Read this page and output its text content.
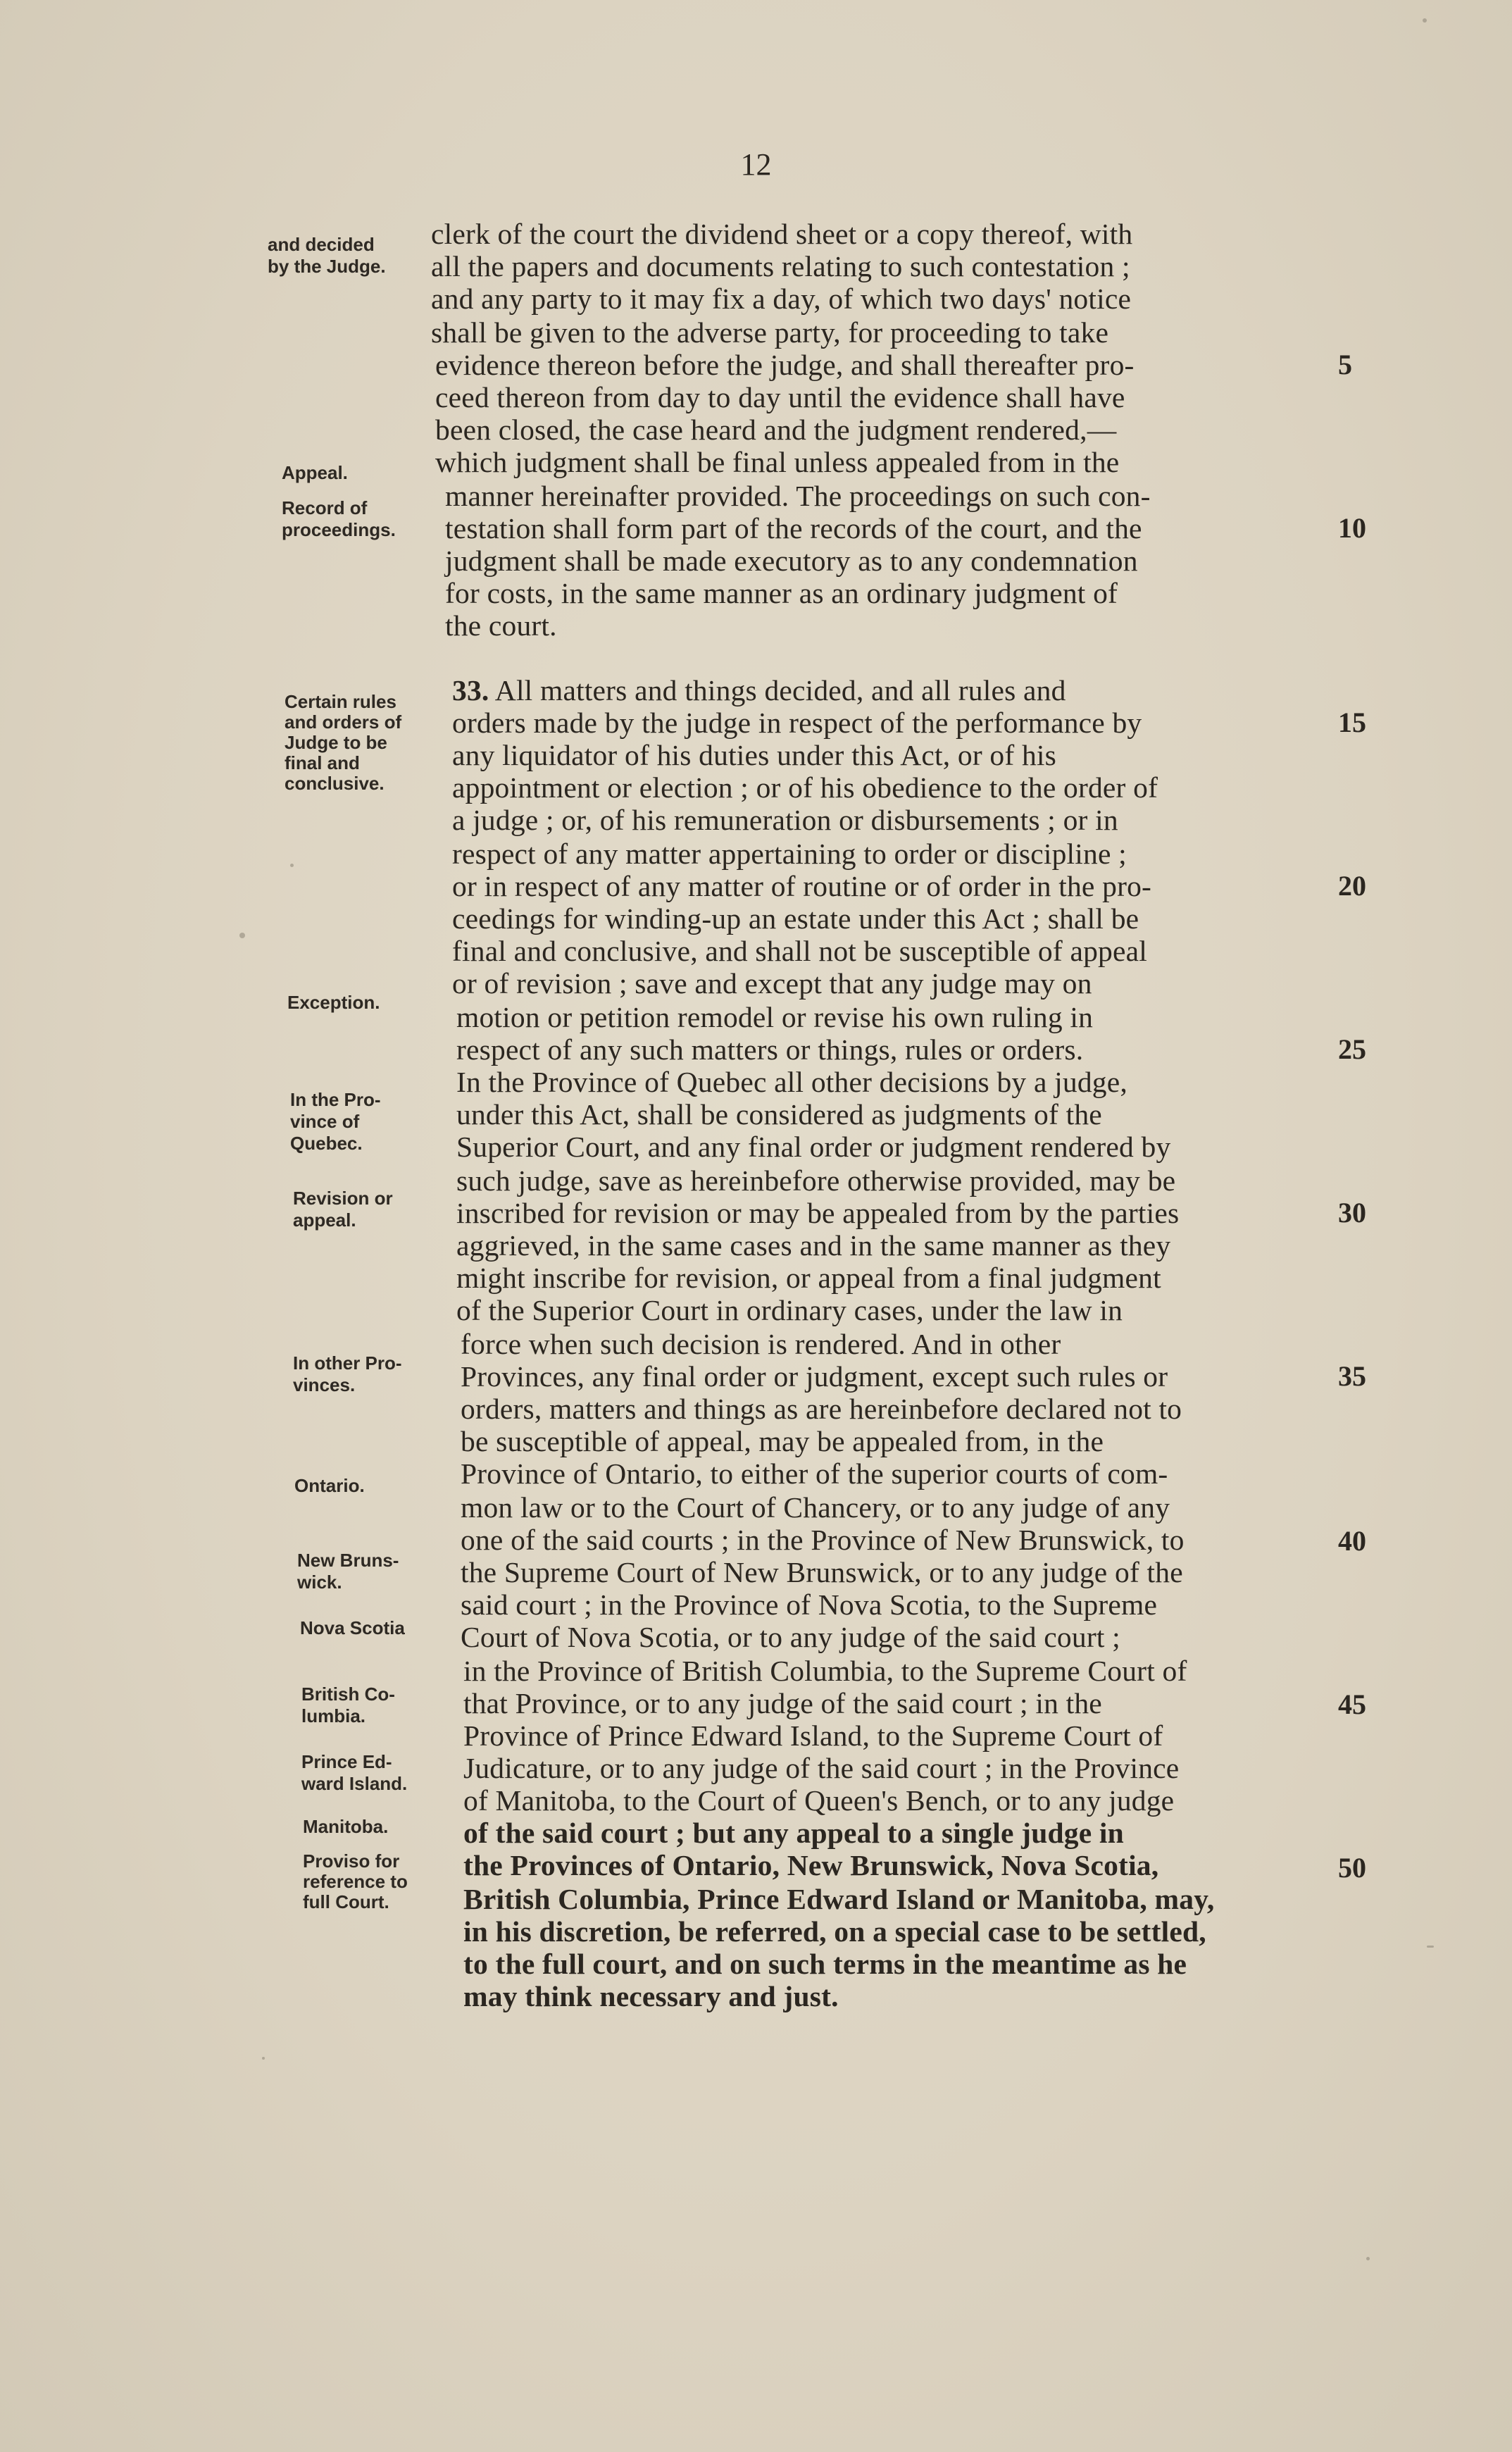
12
clerk of the court the dividend sheet or a copy thereof, with
all the papers and documents relating to such contestation ;
and any party to it may fix a day, of which two days' notice
shall be given to the adverse party, for proceeding to take
evidence thereon before the judge, and shall thereafter pro-
ceed thereon from day to day until the evidence shall have
been closed, the case heard and the judgment rendered,—
which judgment shall be final unless appealed from in the
manner hereinafter provided. The proceedings on such con-
testation shall form part of the records of the court, and the
judgment shall be made executory as to any condemnation
for costs, in the same manner as an ordinary judgment of
the court.
33. All matters and things decided, and all rules and
orders made by the judge in respect of the performance by
any liquidator of his duties under this Act, or of his
appointment or election ; or of his obedience to the order of
a judge ; or, of his remuneration or disbursements ; or in
respect of any matter appertaining to order or discipline ;
or in respect of any matter of routine or of order in the pro-
ceedings for winding-up an estate under this Act ; shall be
final and conclusive, and shall not be susceptible of appeal
or of revision ; save and except that any judge may on
motion or petition remodel or revise his own ruling in
respect of any such matters or things, rules or orders.
In the Province of Quebec all other decisions by a judge,
under this Act, shall be considered as judgments of the
Superior Court, and any final order or judgment rendered by
such judge, save as hereinbefore otherwise provided, may be
inscribed for revision or may be appealed from by the parties
aggrieved, in the same cases and in the same manner as they
might inscribe for revision, or appeal from a final judgment
of the Superior Court in ordinary cases, under the law in
force when such decision is rendered. And in other
Provinces, any final order or judgment, except such rules or
orders, matters and things as are hereinbefore declared not to
be susceptible of appeal, may be appealed from, in the
Province of Ontario, to either of the superior courts of com-
mon law or to the Court of Chancery, or to any judge of any
one of the said courts ; in the Province of New Brunswick, to
the Supreme Court of New Brunswick, or to any judge of the
said court ; in the Province of Nova Scotia, to the Supreme
Court of Nova Scotia, or to any judge of the said court ;
in the Province of British Columbia, to the Supreme Court of
that Province, or to any judge of the said court ; in the
Province of Prince Edward Island, to the Supreme Court of
Judicature, or to any judge of the said court ; in the Province
of Manitoba, to the Court of Queen's Bench, or to any judge
of the said court ; but any appeal to a single judge in
the Provinces of Ontario, New Brunswick, Nova Scotia,
British Columbia, Prince Edward Island or Manitoba, may,
in his discretion, be referred, on a special case to be settled,
to the full court, and on such terms in the meantime as he
may think necessary and just.
and decided
by the Judge.
Appeal.
Record of
proceedings.
Certain rules
and orders of
Judge to be
final and
conclusive.
Exception.
In the Pro-
vince of
Quebec.
Revision or
appeal.
In other Pro-
vinces.
Ontario.
New Bruns-
wick.
Nova Scotia
British Co-
lumbia.
Prince Ed-
ward Island.
Manitoba.
Proviso for
reference to
full Court.
5
10
15
20
25
30
35
40
45
50
